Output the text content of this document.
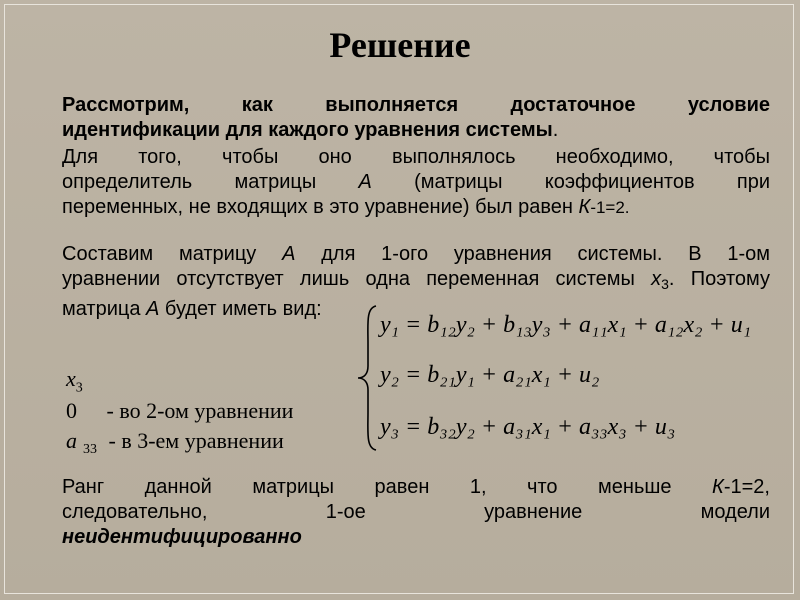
Решение
Рассмотрим, как выполняется достаточное условие
идентификации для каждого уравнения системы.
Для того, чтобы оно выполнялось необходимо, чтобы
определитель матрицы А (матрицы коэффициентов при
переменных, не входящих в это уравнение) был равен К-1=2.
Составим матрицу А для 1-ого уравнения системы. В 1-ом
уравнении отсутствует лишь одна переменная системы $х_3$. Поэтому
матрица А будет иметь вид:
$x_3$
0 - во 2-ом уравнении
a $_{33}$ - в 3-ем уравнении
y₁ = b₁₂y₂ + b₁₃y₃ + a₁₁x₁ + a₁₂x₂ + u₁
y₂ = b₂₁y₁ + a₂₁x₁ + u₂
y₃ = b₃₂y₂ + a₃₁x₁ + a₃₃x₃ + u₃
Ранг данной матрицы равен 1, что меньше К-1=2,
следовательно, 1-ое уравнение модели
неидентифицированно
